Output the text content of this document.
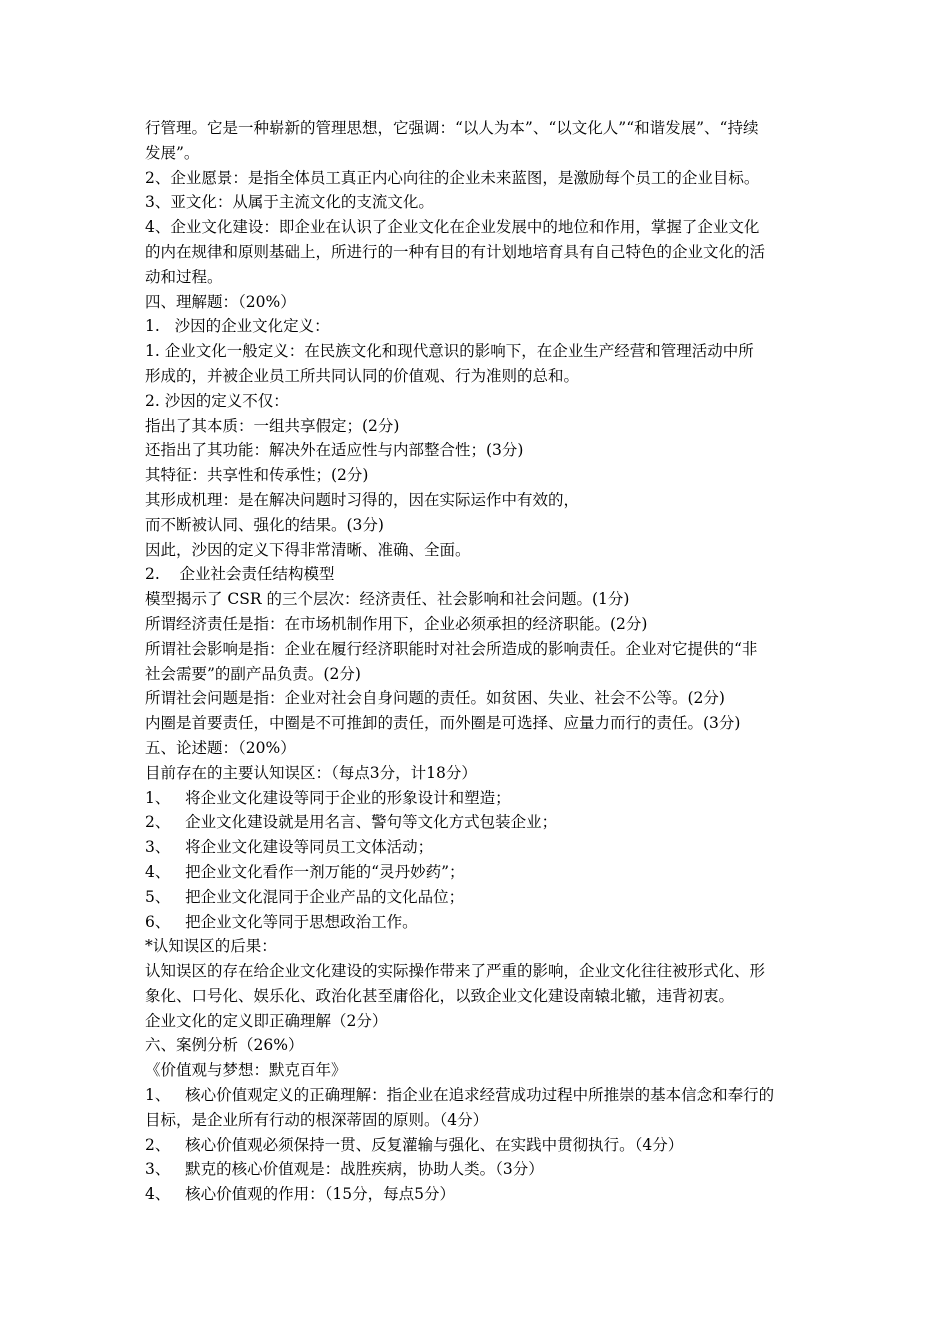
行管理。它是一种崭新的管理思想，它强调：“以人为本”、“以文化人”“和谐发展”、“持续
发展”。
2、企业愿景：是指全体员工真正内心向往的企业未来蓝图，是激励每个员工的企业目标。
3、亚文化：从属于主流文化的支流文化。
4、企业文化建设：即企业在认识了企业文化在企业发展中的地位和作用，掌握了企业文化
的内在规律和原则基础上，所进行的一种有目的有计划地培育具有自己特色的企业文化的活
动和过程。
四、理解题：（20%）
1.   沙因的企业文化定义：
1. 企业文化一般定义：在民族文化和现代意识的影响下，在企业生产经营和管理活动中所
形成的，并被企业员工所共同认同的价值观、行为准则的总和。
2. 沙因的定义不仅：
指出了其本质：一组共享假定；(2分)
还指出了其功能：解决外在适应性与内部整合性；(3分)
其特征：共享性和传承性；(2分)
其形成机理：是在解决问题时习得的，因在实际运作中有效的，
而不断被认同、强化的结果。(3分)
因此，沙因的定义下得非常清晰、准确、全面。
2.    企业社会责任结构模型
模型揭示了 CSR 的三个层次：经济责任、社会影响和社会问题。(1分)
所谓经济责任是指：在市场机制作用下，企业必须承担的经济职能。(2分)
所谓社会影响是指：企业在履行经济职能时对社会所造成的影响责任。企业对它提供的“非
社会需要”的副产品负责。(2分)
所谓社会问题是指：企业对社会自身问题的责任。如贫困、失业、社会不公等。(2分)
内圈是首要责任，中圈是不可推卸的责任，而外圈是可选择、应量力而行的责任。(3分)
五、论述题：（20%）
目前存在的主要认知误区：（每点3分，计18分）
1、   将企业文化建设等同于企业的形象设计和塑造；
2、   企业文化建设就是用名言、警句等文化方式包装企业；
3、   将企业文化建设等同员工文体活动；
4、   把企业文化看作一剂万能的“灵丹妙药”；
5、   把企业文化混同于企业产品的文化品位；
6、   把企业文化等同于思想政治工作。
*认知误区的后果：
认知误区的存在给企业文化建设的实际操作带来了严重的影响，企业文化往往被形式化、形
象化、口号化、娱乐化、政治化甚至庸俗化，以致企业文化建设南辕北辙，违背初衷。
企业文化的定义即正确理解（2分）
六、案例分析（26%）
《价值观与梦想：默克百年》
1、   核心价值观定义的正确理解：指企业在追求经营成功过程中所推崇的基本信念和奉行的
目标，是企业所有行动的根深蒂固的原则。（4分）
2、   核心价值观必须保持一贯、反复灌输与强化、在实践中贯彻执行。（4分）
3、   默克的核心价值观是：战胜疾病，协助人类。（3分）
4、   核心价值观的作用：（15分，每点5分）
